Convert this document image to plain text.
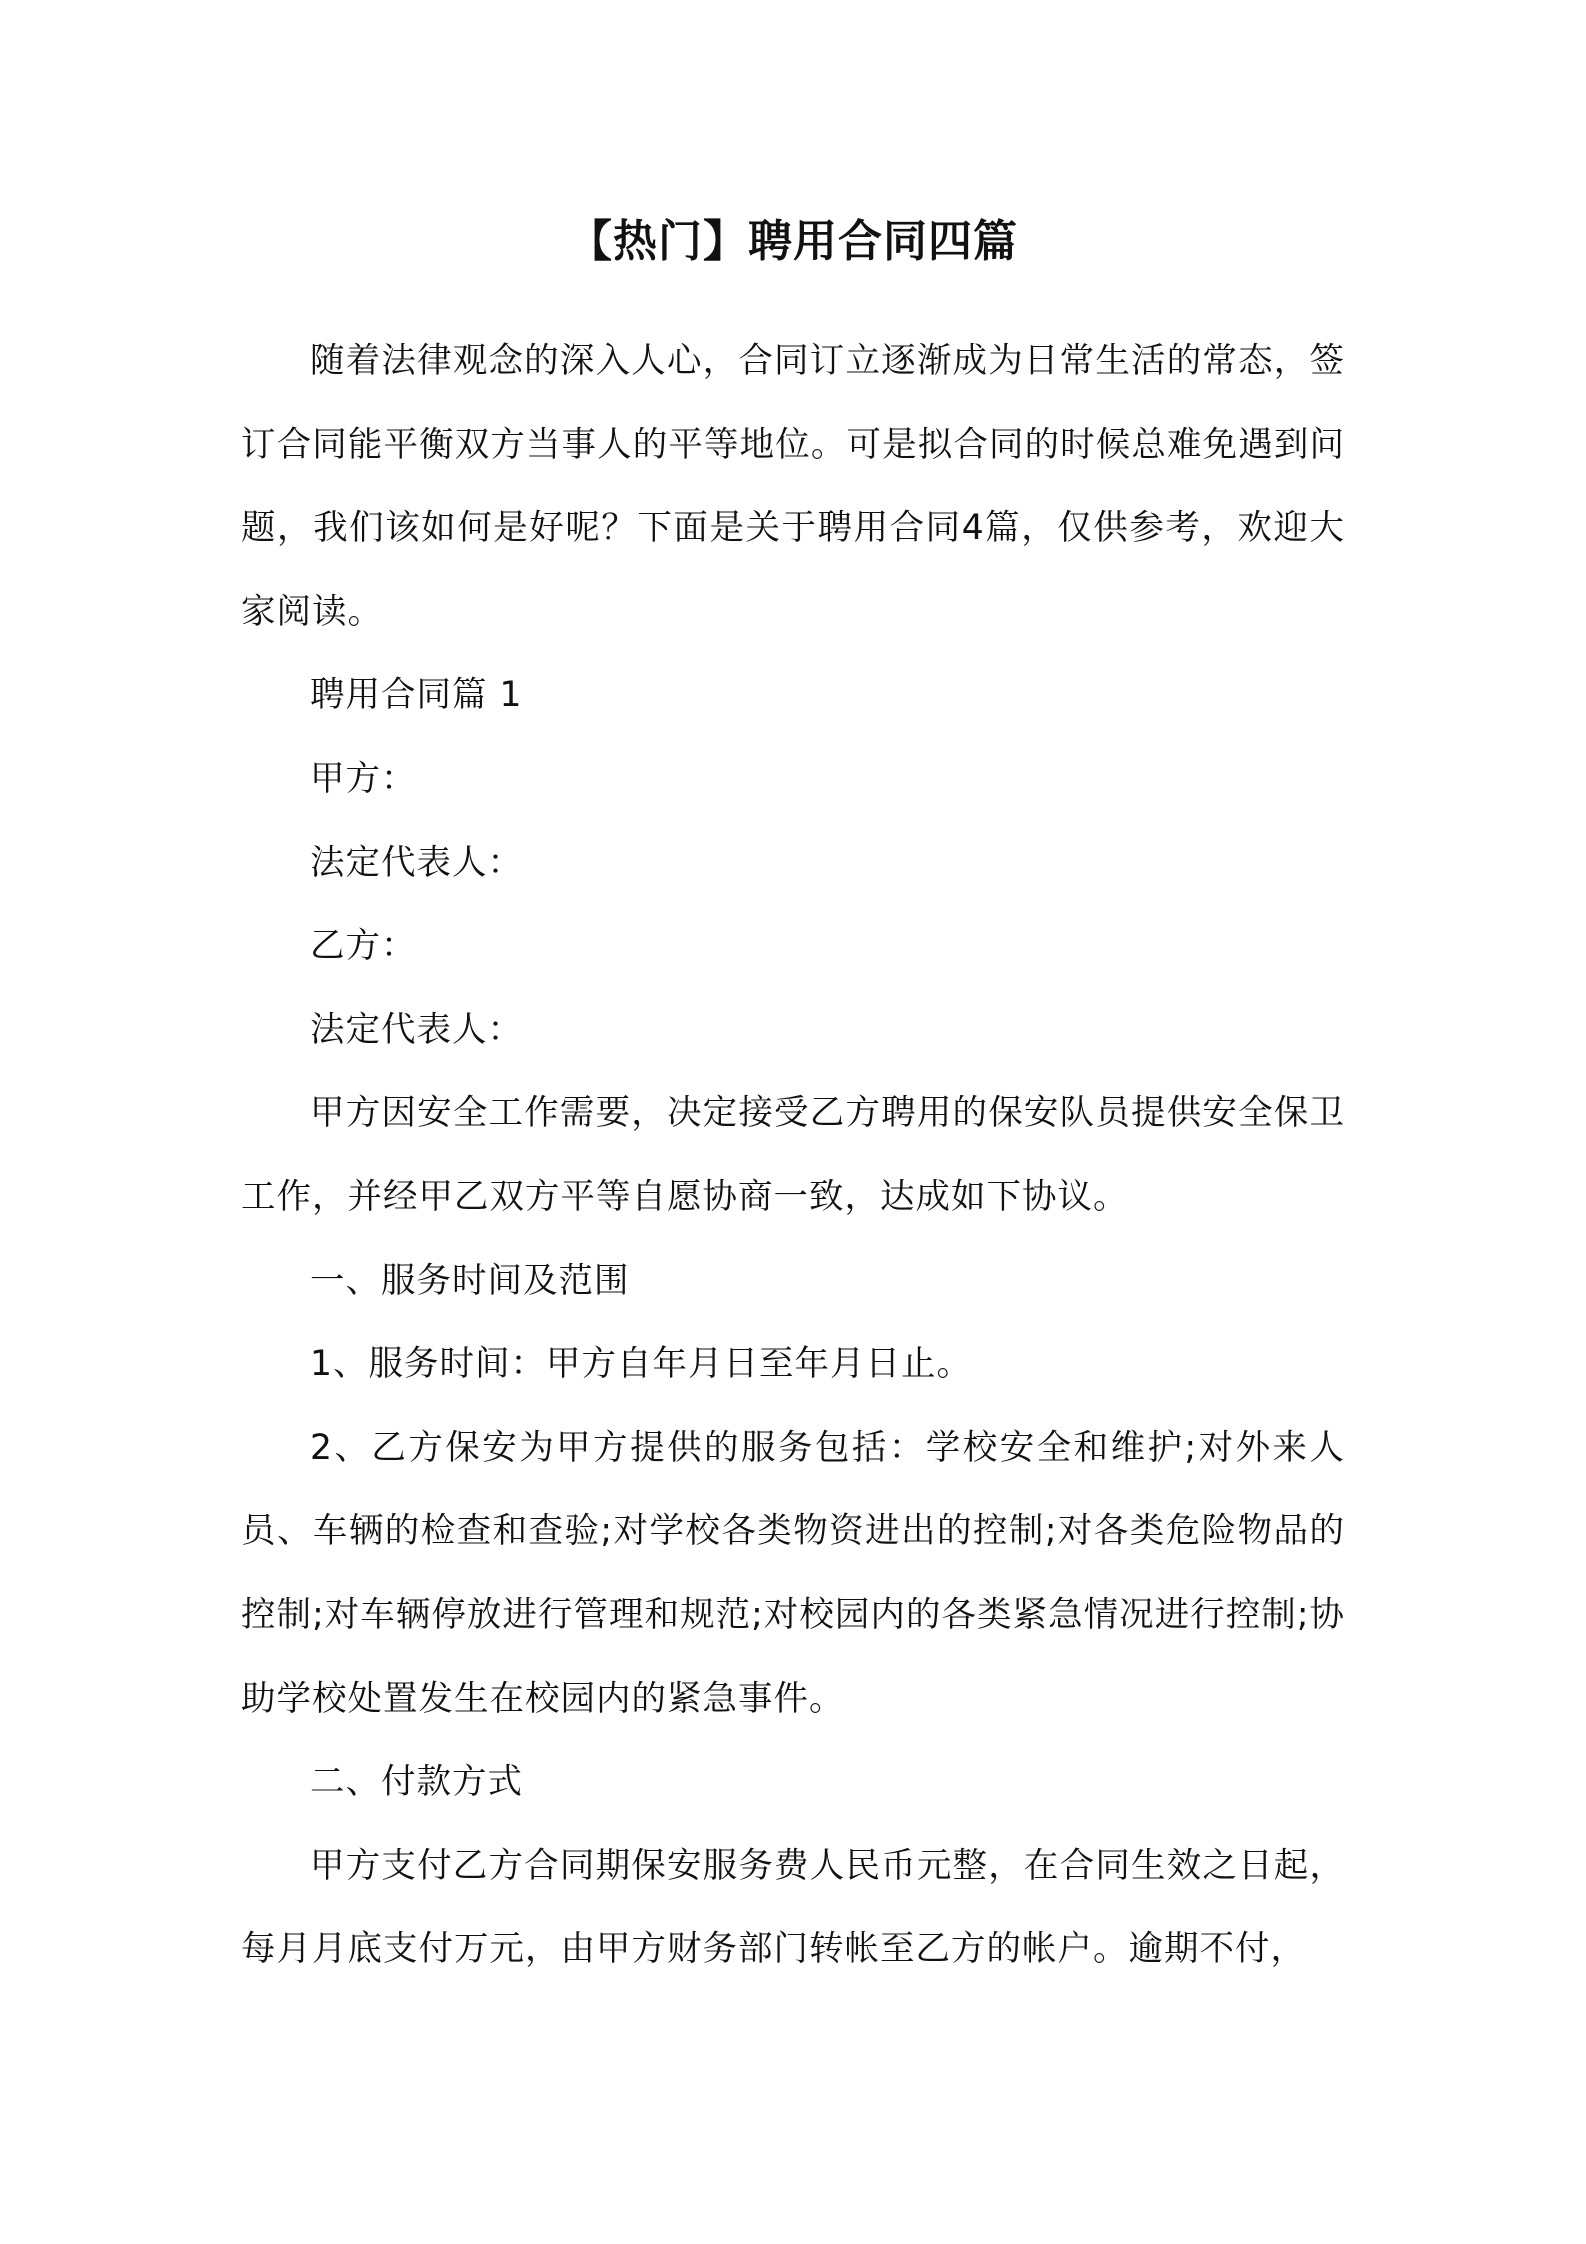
【热门】聘用合同四篇

随着法律观念的深入人心，合同订立逐渐成为日常生活的常态，签订合同能平衡双方当事人的平等地位。可是拟合同的时候总难免遇到问题，我们该如何是好呢？下面是关于聘用合同4篇，仅供参考，欢迎大家阅读。

聘用合同篇 1

甲方：

法定代表人：

乙方：

法定代表人：

甲方因安全工作需要，决定接受乙方聘用的保安队员提供安全保卫工作，并经甲乙双方平等自愿协商一致，达成如下协议。

一、服务时间及范围

1、服务时间：甲方自年月日至年月日止。

2、乙方保安为甲方提供的服务包括：学校安全和维护;对外来人员、车辆的检查和查验;对学校各类物资进出的控制;对各类危险物品的控制;对车辆停放进行管理和规范;对校园内的各类紧急情况进行控制;协助学校处置发生在校园内的紧急事件。

二、付款方式

甲方支付乙方合同期保安服务费人民币元整，在合同生效之日起，每月月底支付万元，由甲方财务部门转帐至乙方的帐户。逾期不付，
